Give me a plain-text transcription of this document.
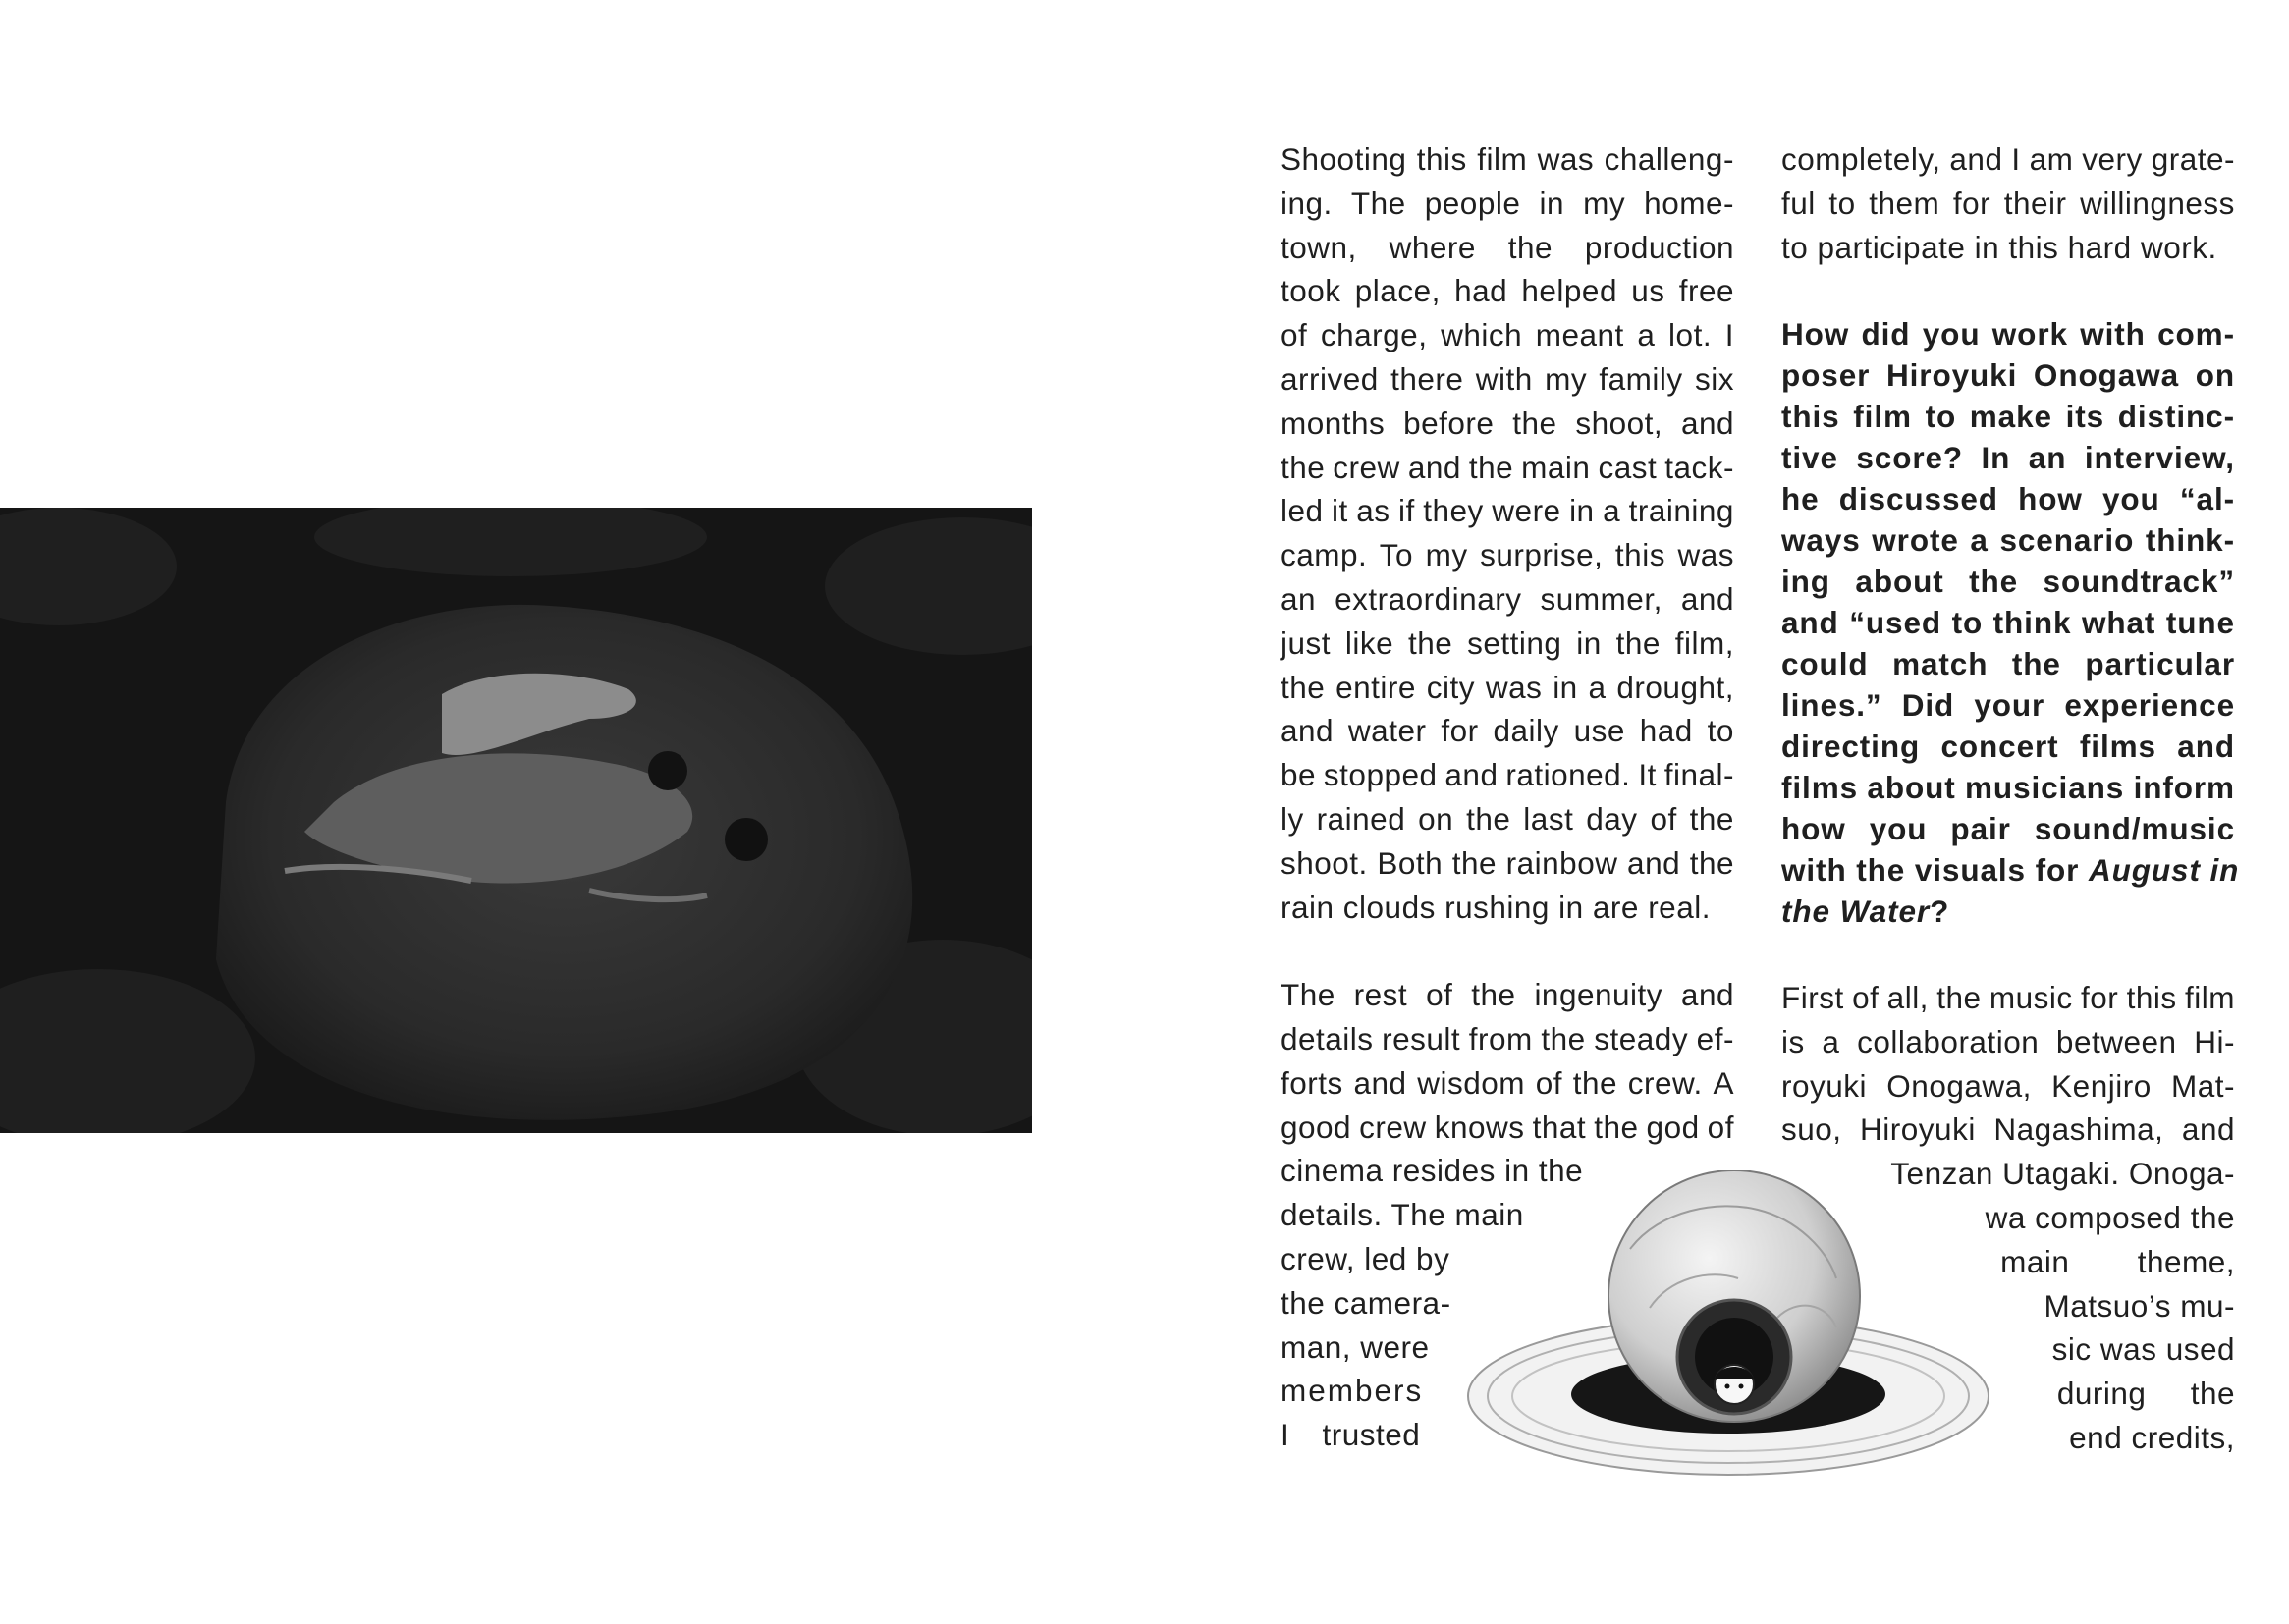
Shooting this film was challeng-
ing. The people in my home-
town, where the production
took place, had helped us free
of charge, which meant a lot. I
arrived there with my family six
months before the shoot, and
the crew and the main cast tack-
led it as if they were in a training
camp. To my surprise, this was
an extraordinary summer, and
just like the setting in the film,
the entire city was in a drought,
and water for daily use had to
be stopped and rationed. It final-
ly rained on the last day of the
shoot. Both the rainbow and the
rain clouds rushing in are real.

The rest of the ingenuity and
details result from the steady ef-
forts and wisdom of the crew. A
good crew knows that the god of
cinema resides in the
details. The main
crew, led by
the camera-
man, were
members
I trusted

completely, and I am very grate-
ful to them for their willingness
to participate in this hard work.

How did you work with com-
poser Hiroyuki Onogawa on
this film to make its distinc-
tive score? In an interview,
he discussed how you “al-
ways wrote a scenario think-
ing about the soundtrack”
and “used to think what tune
could match the particular
lines.” Did your experience
directing concert films and
films about musicians inform
how you pair sound/music
with the visuals for August in
the Water?

First of all, the music for this film
is a collaboration between Hi-
royuki Onogawa, Kenjiro Mat-
suo, Hiroyuki Nagashima, and
Tenzan Utagaki. Onoga-
wa composed the
main theme,
Matsuo’s mu-
sic was used
during the
end credits,
